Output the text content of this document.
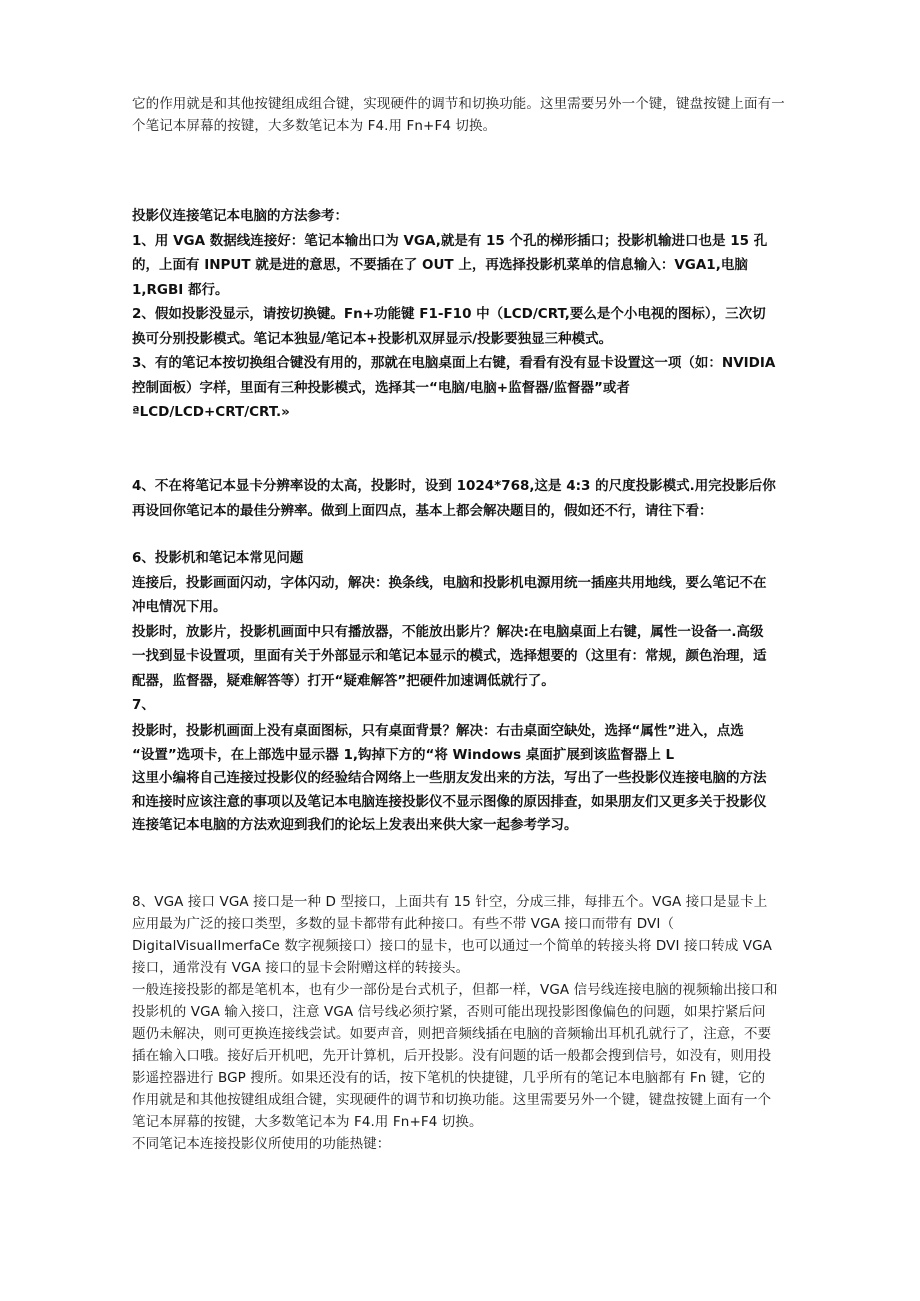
它的作用就是和其他按键组成组合键，实现硬件的调节和切换功能。这里需要另外一个键，键盘按键上面有一
个笔记本屏幕的按键，大多数笔记本为 F4.用 Fn+F4 切换。
投影仪连接笔记本电脑的方法参考：
1、用 VGA 数据线连接好：笔记本输出口为 VGA,就是有 15 个孔的梯形插口；投影机输进口也是 15 孔
的，上面有 INPUT 就是进的意思，不要插在了 OUT 上，再选择投影机菜单的信息输入：VGA1,电脑
1,RGBI 都行。
2、假如投影没显示，请按切换键。Fn+功能键 F1-F10 中（LCD/CRT,要么是个小电视的图标），三次切
换可分别投影模式。笔记本独显/笔记本+投影机双屏显示/投影要独显三种模式。
3、有的笔记本按切换组合键没有用的，那就在电脑桌面上右键，看看有没有显卡设置这一项（如：NVIDIA
控制面板）字样，里面有三种投影模式，选择其一“电脑/电脑+监督器/监督器”或者
ªLCD/LCD+CRT/CRT.»
4、不在将笔记本显卡分辨率设的太高，投影时，设到 1024*768,这是 4:3 的尺度投影模式.用完投影后你
再设回你笔记本的最佳分辨率。做到上面四点，基本上都会解决题目的，假如还不行，请往下看：
6、投影机和笔记本常见问题
连接后，投影画面闪动，字体闪动，解决：换条线，电脑和投影机电源用统一插座共用地线，要么笔记不在
冲电情况下用。
投影时，放影片，投影机画面中只有播放器，不能放出影片？解决:在电脑桌面上右键，属性一设备一.高级
一找到显卡设置项，里面有关于外部显示和笔记本显示的模式，选择想要的（这里有：常规，颜色治理，适
配器，监督器，疑难解答等）打开“疑难解答”把硬件加速调低就行了。
7、
投影时，投影机画面上没有桌面图标，只有桌面背景？解决：右击桌面空缺处，选择“属性”进入，点选
“设置”选项卡，在上部选中显示器 1,钩掉下方的“将 Windows 桌面扩展到该监督器上 L
这里小编将自己连接过投影仪的经验结合网络上一些朋友发出来的方法，写出了一些投影仪连接电脑的方法
和连接时应该注意的事项以及笔记本电脑连接投影仪不显示图像的原因排查，如果朋友们又更多关于投影仪
连接笔记本电脑的方法欢迎到我们的论坛上发表出来供大家一起参考学习。
8、VGA 接口 VGA 接口是一种 D 型接口，上面共有 15 针空，分成三排，每排五个。VGA 接口是显卡上
应用最为广泛的接口类型，多数的显卡都带有此种接口。有些不带 VGA 接口而带有 DVI（
DigitalVisualImerfaCe 数字视频接口）接口的显卡，也可以通过一个简单的转接头将 DVI 接口转成 VGA
接口，通常没有 VGA 接口的显卡会附赠这样的转接头。
一般连接投影的都是笔机本，也有少一部份是台式机子，但都一样，VGA 信号线连接电脑的视频输出接口和
投影机的 VGA 输入接口，注意 VGA 信号线必须拧紧，否则可能出现投影图像偏色的问题，如果拧紧后问
题仍未解决，则可更换连接线尝试。如要声音，则把音频线插在电脑的音频输出耳机孔就行了，注意，不要
插在输入口哦。接好后开机吧，先开计算机，后开投影。没有问题的话一般都会搜到信号，如没有，则用投
影遥控器进行 BGP 搜所。如果还没有的话，按下笔机的快捷键，几乎所有的笔记本电脑都有 Fn 键，它的
作用就是和其他按键组成组合键，实现硬件的调节和切换功能。这里需要另外一个键，键盘按键上面有一个
笔记本屏幕的按键，大多数笔记本为 F4.用 Fn+F4 切换。
不同笔记本连接投影仪所使用的功能热键：
